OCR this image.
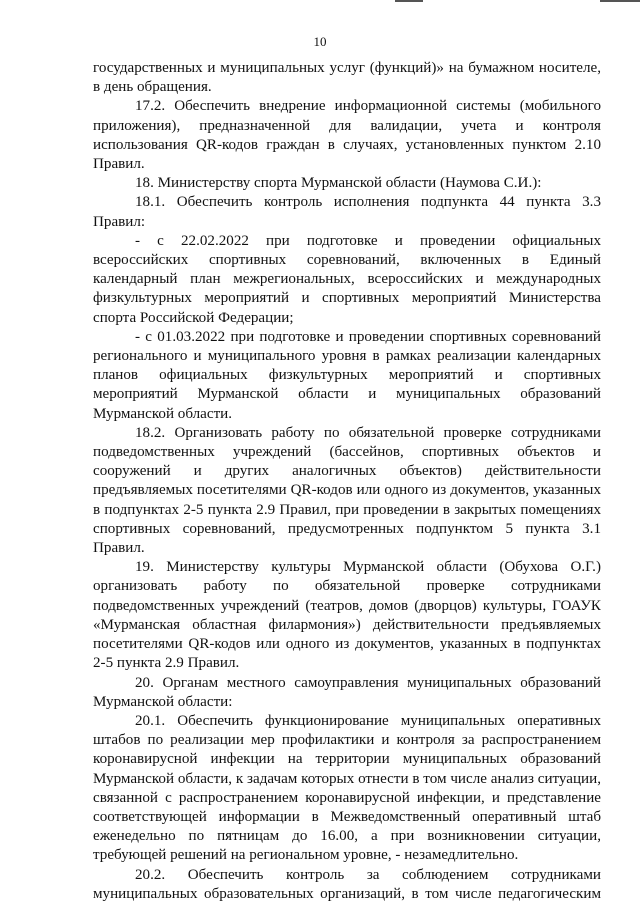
10

государственных и муниципальных услуг (функций)» на бумажном носителе, в день обращения.

17.2. Обеспечить внедрение информационной системы (мобильного приложения), предназначенной для валидации, учета и контроля использования QR-кодов граждан в случаях, установленных пунктом 2.10 Правил.

18. Министерству спорта Мурманской области (Наумова С.И.):

18.1. Обеспечить контроль исполнения подпункта 44 пункта 3.3 Правил:

- с 22.02.2022 при подготовке и проведении официальных всероссийских спортивных соревнований, включенных в Единый календарный план межрегиональных, всероссийских и международных физкультурных мероприятий и спортивных мероприятий Министерства спорта Российской Федерации;

- с 01.03.2022 при подготовке и проведении спортивных соревнований регионального и муниципального уровня в рамках реализации календарных планов официальных физкультурных мероприятий и спортивных мероприятий Мурманской области и муниципальных образований Мурманской области.

18.2. Организовать работу по обязательной проверке сотрудниками подведомственных учреждений (бассейнов, спортивных объектов и сооружений и других аналогичных объектов) действительности предъявляемых посетителями QR-кодов или одного из документов, указанных в подпунктах 2-5 пункта 2.9 Правил, при проведении в закрытых помещениях спортивных соревнований, предусмотренных подпунктом 5 пункта 3.1 Правил.

19. Министерству культуры Мурманской области (Обухова О.Г.) организовать работу по обязательной проверке сотрудниками подведомственных учреждений (театров, домов (дворцов) культуры, ГОАУК «Мурманская областная филармония») действительности предъявляемых посетителями QR-кодов или одного из документов, указанных в подпунктах 2-5 пункта 2.9 Правил.

20. Органам местного самоуправления муниципальных образований Мурманской области:

20.1. Обеспечить функционирование муниципальных оперативных штабов по реализации мер профилактики и контроля за распространением коронавирусной инфекции на территории муниципальных образований Мурманской области, к задачам которых отнести в том числе анализ ситуации, связанной с распространением коронавирусной инфекции, и представление соответствующей информации в Межведомственный оперативный штаб еженедельно по пятницам до 16.00, а при возникновении ситуации, требующей решений на региональном уровне, - незамедлительно.

20.2. Обеспечить контроль за соблюдением сотрудниками муниципальных образовательных организаций, в том числе педагогическим
